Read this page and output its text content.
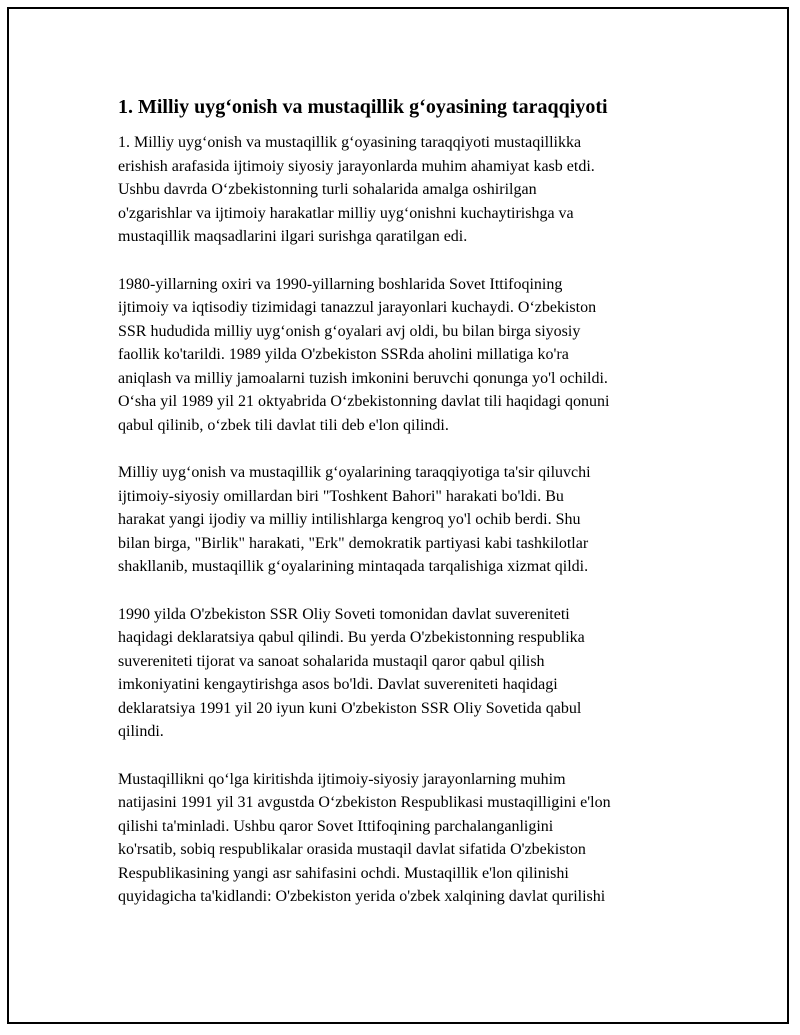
1. Milliy uyg‘onish va mustaqillik g‘oyasining taraqqiyoti

1. Milliy uyg‘onish va mustaqillik g‘oyasining taraqqiyoti mustaqillikka
erishish arafasida ijtimoiy siyosiy jarayonlarda muhim ahamiyat kasb etdi.
Ushbu davrda O‘zbekistonning turli sohalarida amalga oshirilgan
o'zgarishlar va ijtimoiy harakatlar milliy uyg‘onishni kuchaytirishga va
mustaqillik maqsadlarini ilgari surishga qaratilgan edi.

1980-yillarning oxiri va 1990-yillarning boshlarida Sovet Ittifoqining
ijtimoiy va iqtisodiy tizimidagi tanazzul jarayonlari kuchaydi. O‘zbekiston
SSR hududida milliy uyg‘onish g‘oyalari avj oldi, bu bilan birga siyosiy
faollik ko'tarildi. 1989 yilda O'zbekiston SSRda aholini millatiga ko'ra
aniqlash va milliy jamoalarni tuzish imkonini beruvchi qonunga yo'l ochildi.
O‘sha yil 1989 yil 21 oktyabrida O‘zbekistonning davlat tili haqidagi qonuni
qabul qilinib, o‘zbek tili davlat tili deb e'lon qilindi.

Milliy uyg‘onish va mustaqillik g‘oyalarining taraqqiyotiga ta'sir qiluvchi
ijtimoiy-siyosiy omillardan biri "Toshkent Bahori" harakati bo'ldi. Bu
harakat yangi ijodiy va milliy intilishlarga kengroq yo'l ochib berdi. Shu
bilan birga, "Birlik" harakati, "Erk" demokratik partiyasi kabi tashkilotlar
shakllanib, mustaqillik g‘oyalarining mintaqada tarqalishiga xizmat qildi.

1990 yilda O'zbekiston SSR Oliy Soveti tomonidan davlat suvereniteti
haqidagi deklaratsiya qabul qilindi. Bu yerda O'zbekistonning respublika
suvereniteti tijorat va sanoat sohalarida mustaqil qaror qabul qilish
imkoniyatini kengaytirishga asos bo'ldi. Davlat suvereniteti haqidagi
deklaratsiya 1991 yil 20 iyun kuni O'zbekiston SSR Oliy Sovetida qabul
qilindi.

Mustaqillikni qo‘lga kiritishda ijtimoiy-siyosiy jarayonlarning muhim
natijasini 1991 yil 31 avgustda O‘zbekiston Respublikasi mustaqilligini e'lon
qilishi ta'minladi. Ushbu qaror Sovet Ittifoqining parchalanganligini
ko'rsatib, sobiq respublikalar orasida mustaqil davlat sifatida O'zbekiston
Respublikasining yangi asr sahifasini ochdi. Mustaqillik e'lon qilinishi
quyidagicha ta'kidlandi: O'zbekiston yerida o'zbek xalqining davlat qurilishi
